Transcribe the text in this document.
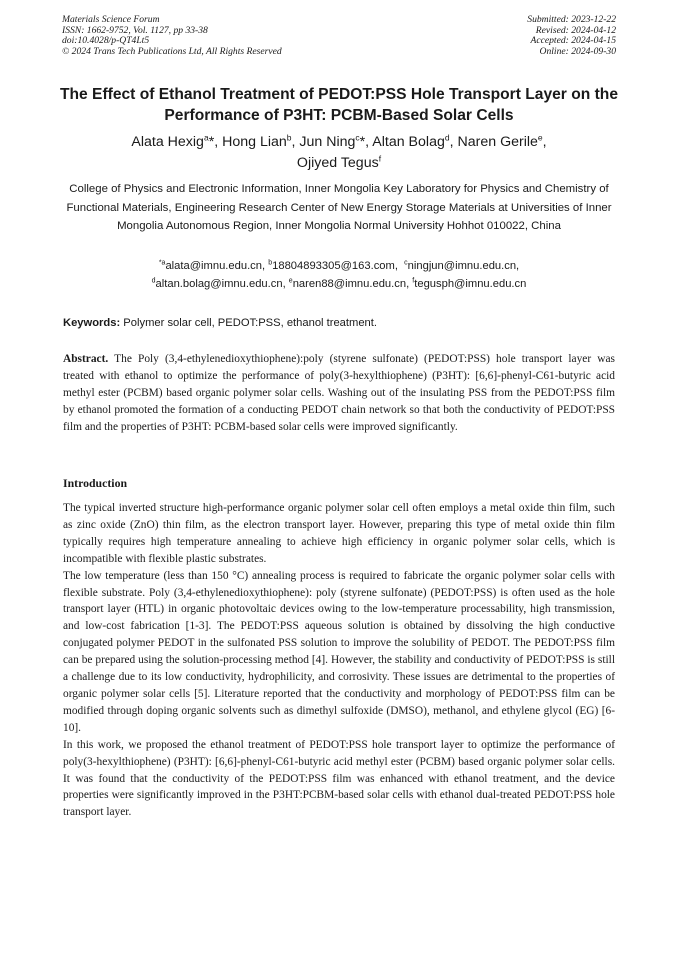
Materials Science Forum
ISSN: 1662-9752, Vol. 1127, pp 33-38
doi:10.4028/p-QT4Lt5
© 2024 Trans Tech Publications Ltd, All Rights Reserved
Submitted: 2023-12-22
Revised: 2024-04-12
Accepted: 2024-04-15
Online: 2024-09-30
The Effect of Ethanol Treatment of PEDOT:PSS Hole Transport Layer on the Performance of P3HT: PCBM-Based Solar Cells
Alata Hexig$^a$*, Hong Lian$^b$, Jun Ning$^c$*, Altan Bolag$^d$, Naren Gerile$^e$,
Ojiyed Tegus$^f$
College of Physics and Electronic Information, Inner Mongolia Key Laboratory for Physics and Chemistry of Functional Materials, Engineering Research Center of New Energy Storage Materials at Universities of Inner Mongolia Autonomous Region, Inner Mongolia Normal University Hohhot 010022, China
$^{*a}$alata@imnu.edu.cn, $^b$18804893305@163.com,  $^c$ningjun@imnu.edu.cn,
$^d$altan.bolag@imnu.edu.cn, $^e$naren88@imnu.edu.cn, $^f$tegusph@imnu.edu.cn
Keywords: Polymer solar cell, PEDOT:PSS, ethanol treatment.
Abstract. The Poly (3,4-ethylenedioxythiophene):poly (styrene sulfonate) (PEDOT:PSS) hole transport layer was treated with ethanol to optimize the performance of poly(3-hexylthiophene) (P3HT): [6,6]-phenyl-C61-butyric acid methyl ester (PCBM) based organic polymer solar cells. Washing out of the insulating PSS from the PEDOT:PSS film by ethanol promoted the formation of a conducting PEDOT chain network so that both the conductivity of PEDOT:PSS film and the properties of P3HT: PCBM-based solar cells were improved significantly.
Introduction

The typical inverted structure high-performance organic polymer solar cell often employs a metal oxide thin film, such as zinc oxide (ZnO) thin film, as the electron transport layer. However, preparing this type of metal oxide thin film typically requires high temperature annealing to achieve high efficiency in organic polymer solar cells, which is incompatible with flexible plastic substrates.

The low temperature (less than 150 °C) annealing process is required to fabricate the organic polymer solar cells with flexible substrate. Poly (3,4-ethylenedioxythiophene): poly (styrene sulfonate) (PEDOT:PSS) is often used as the hole transport layer (HTL) in organic photovoltaic devices owing to the low-temperature processability, high transmission, and low-cost fabrication [1-3]. The PEDOT:PSS aqueous solution is obtained by dissolving the high conductive conjugated polymer PEDOT in the sulfonated PSS solution to improve the solubility of PEDOT. The PEDOT:PSS film can be prepared using the solution-processing method [4]. However, the stability and conductivity of PEDOT:PSS is still a challenge due to its low conductivity, hydrophilicity, and corrosivity. These issues are detrimental to the properties of organic polymer solar cells [5]. Literature reported that the conductivity and morphology of PEDOT:PSS film can be modified through doping organic solvents such as dimethyl sulfoxide (DMSO), methanol, and ethylene glycol (EG) [6-10].

In this work, we proposed the ethanol treatment of PEDOT:PSS hole transport layer to optimize the performance of poly(3-hexylthiophene) (P3HT): [6,6]-phenyl-C61-butyric acid methyl ester (PCBM) based organic polymer solar cells. It was found that the conductivity of the PEDOT:PSS film was enhanced with ethanol treatment, and the device properties were significantly improved in the P3HT:PCBM-based solar cells with ethanol dual-treated PEDOT:PSS hole transport layer.
